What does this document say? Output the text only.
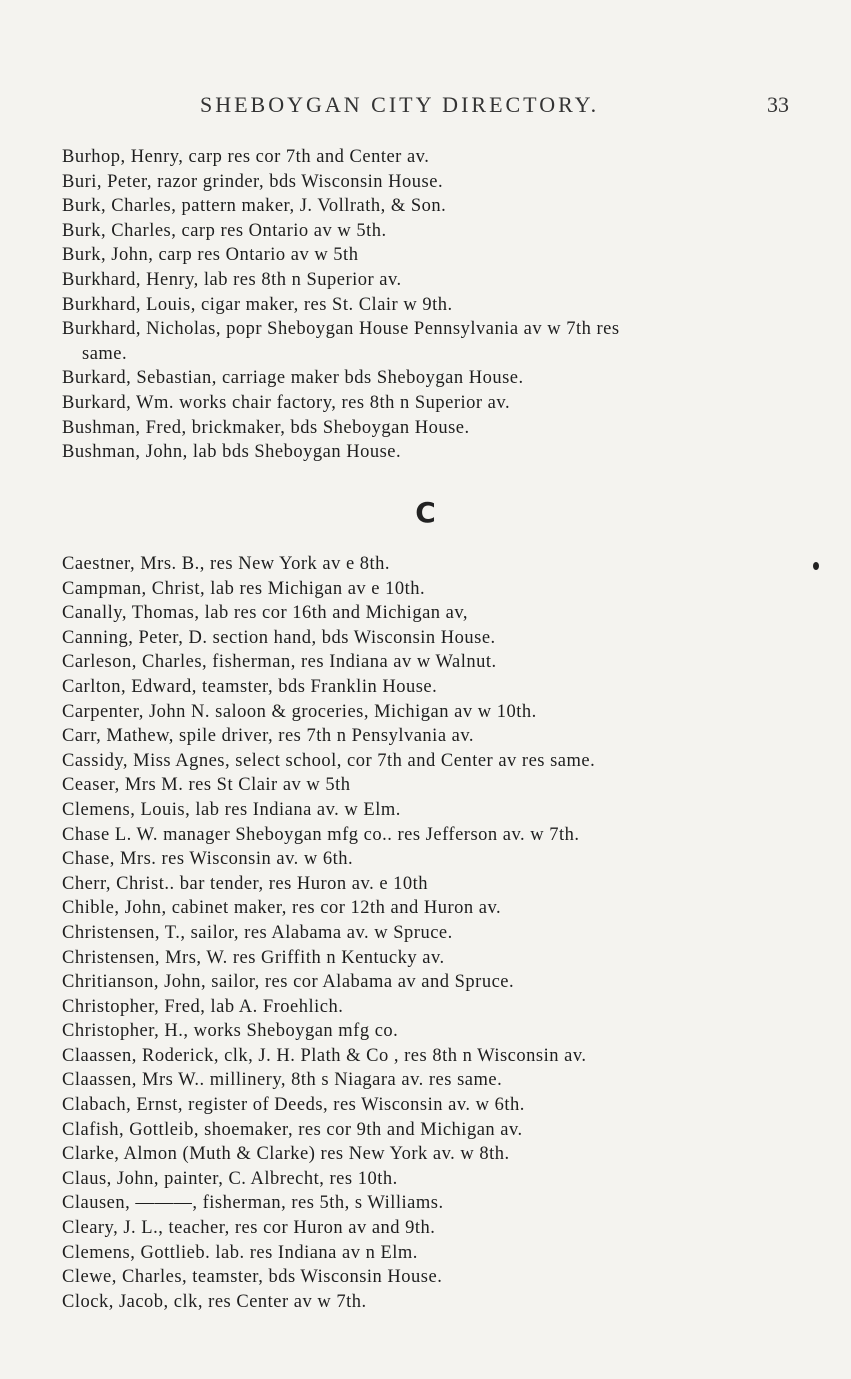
SHEBOYGAN CITY DIRECTORY.	33
Burhop, Henry, carp res cor 7th and Center av.
Buri, Peter, razor grinder, bds Wisconsin House.
Burk, Charles, pattern maker, J. Vollrath, & Son.
Burk, Charles, carp res Ontario av w 5th.
Burk, John, carp res Ontario av w 5th
Burkhard, Henry, lab res 8th n Superior av.
Burkhard, Louis, cigar maker, res St. Clair w 9th.
Burkhard, Nicholas, popr Sheboygan House Pennsylvania av w 7th res
same.
Burkard, Sebastian, carriage maker bds Sheboygan House.
Burkard, Wm. works chair factory, res 8th n Superior av.
Bushman, Fred, brickmaker, bds Sheboygan House.
Bushman, John, lab bds Sheboygan House.
C
Caestner, Mrs. B., res New York av e 8th.
Campman, Christ, lab res Michigan av e 10th.
Canally, Thomas, lab res cor 16th and Michigan av,
Canning, Peter, D. section hand, bds Wisconsin House.
Carleson, Charles, fisherman, res Indiana av w Walnut.
Carlton, Edward, teamster, bds Franklin House.
Carpenter, John N. saloon & groceries, Michigan av w 10th.
Carr, Mathew, spile driver, res 7th n Pensylvania av.
Cassidy, Miss Agnes, select school, cor 7th and Center av res same.
Ceaser, Mrs M. res St Clair av w 5th
Clemens, Louis, lab res Indiana av. w Elm.
Chase L. W. manager Sheboygan mfg co.. res Jefferson av. w 7th.
Chase, Mrs. res Wisconsin av. w 6th.
Cherr, Christ.. bar tender, res Huron av. e 10th
Chible, John, cabinet maker, res cor 12th and Huron av.
Christensen, T., sailor, res Alabama av. w Spruce.
Christensen, Mrs, W. res Griffith n Kentucky av.
Chritianson, John, sailor, res cor Alabama av and Spruce.
Christopher, Fred, lab A. Froehlich.
Christopher, H., works Sheboygan mfg co.
Claassen, Roderick, clk, J. H. Plath & Co , res 8th n Wisconsin av.
Claassen, Mrs W.. millinery, 8th s Niagara av. res same.
Clabach, Ernst, register of Deeds, res Wisconsin av. w 6th.
Clafish, Gottleib, shoemaker, res cor 9th and Michigan av.
Clarke, Almon (Muth & Clarke) res New York av. w 8th.
Claus, John, painter, C. Albrecht, res 10th.
Clausen, ———, fisherman, res 5th, s Williams.
Cleary, J. L., teacher, res cor Huron av and 9th.
Clemens, Gottlieb. lab. res Indiana av n Elm.
Clewe, Charles, teamster, bds Wisconsin House.
Clock, Jacob, clk, res Center av w 7th.
